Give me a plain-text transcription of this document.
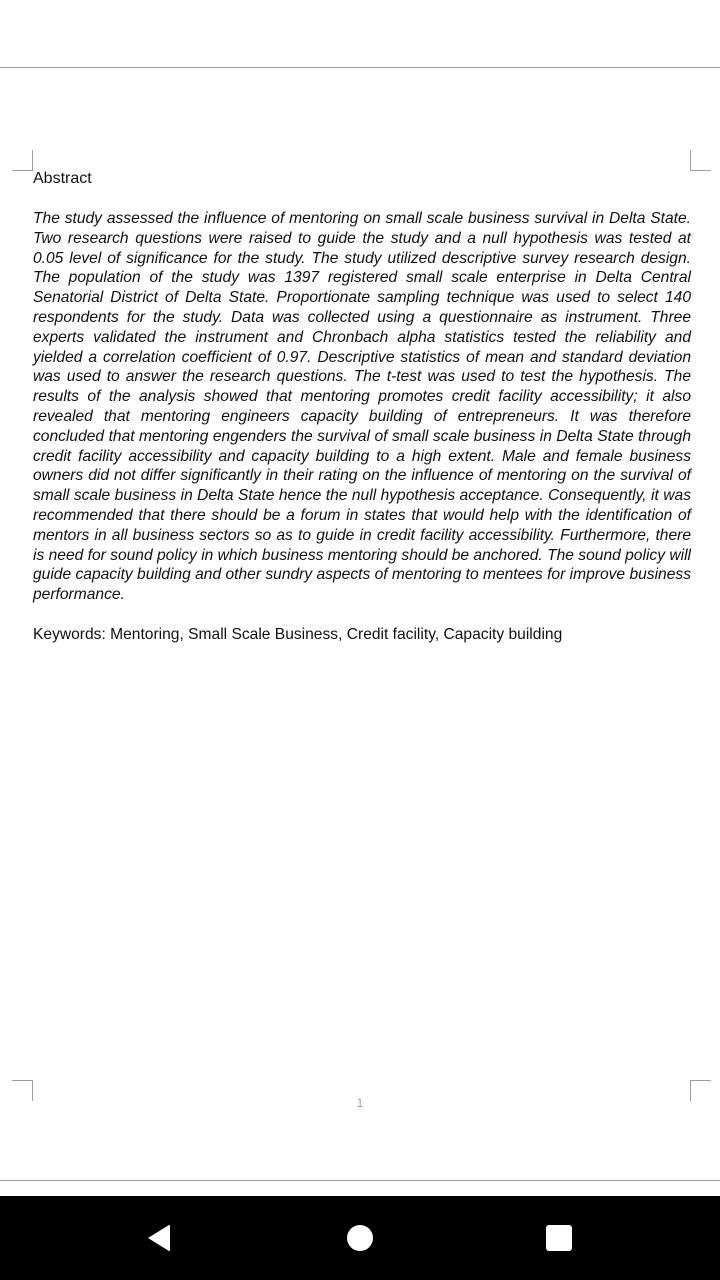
Abstract

The study assessed the influence of mentoring on small scale business survival in Delta State. Two research questions were raised to guide the study and a null hypothesis was tested at 0.05 level of significance for the study. The study utilized descriptive survey research design. The population of the study was 1397 registered small scale enterprise in Delta Central Senatorial District of Delta State. Proportionate sampling technique was used to select 140 respondents for the study. Data was collected using a questionnaire as instrument. Three experts validated the instrument and Chronbach alpha statistics tested the reliability and yielded a correlation coefficient of 0.97. Descriptive statistics of mean and standard deviation was used to answer the research questions. The t-test was used to test the hypothesis. The results of the analysis showed that mentoring promotes credit facility accessibility; it also revealed that mentoring engineers capacity building of entrepreneurs. It was therefore concluded that mentoring engenders the survival of small scale business in Delta State through credit facility accessibility and capacity building to a high extent. Male and female business owners did not differ significantly in their rating on the influence of mentoring on the survival of small scale business in Delta State hence the null hypothesis acceptance. Consequently, it was recommended that there should be a forum in states that would help with the identification of mentors in all business sectors so as to guide in credit facility accessibility. Furthermore, there is need for sound policy in which business mentoring should be anchored. The sound policy will guide capacity building and other sundry aspects of mentoring to mentees for improve business performance.

Keywords: Mentoring, Small Scale Business, Credit facility, Capacity building
1
